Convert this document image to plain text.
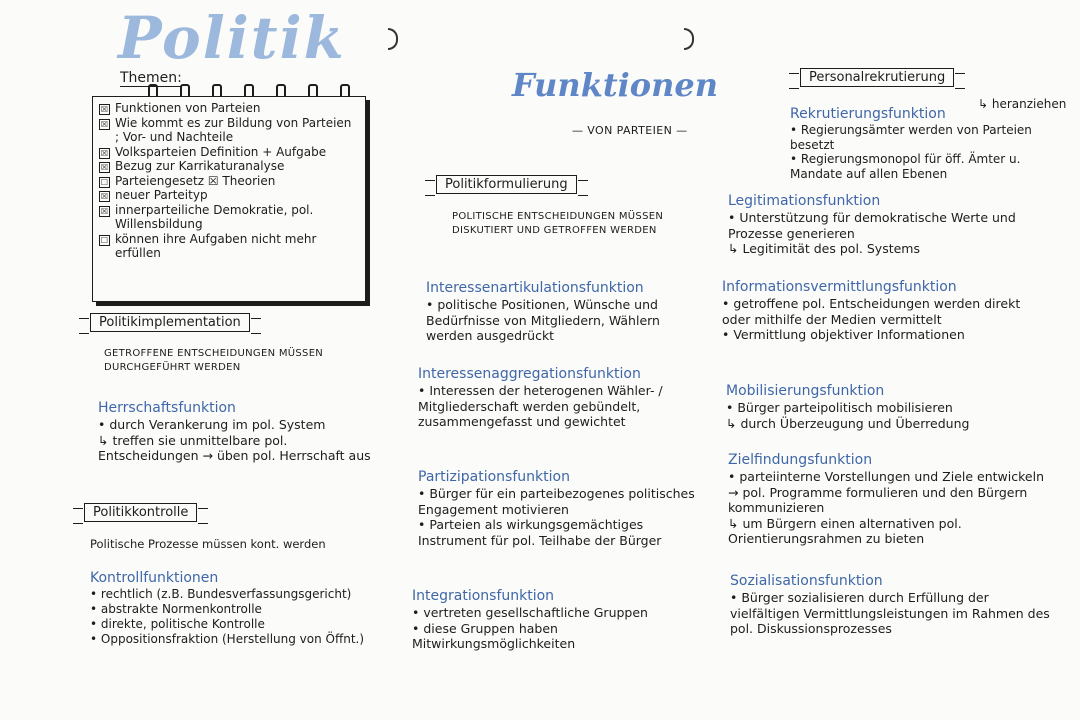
Politik
Themen:
☒ Funktionen von Parteien
☒ Wie kommt es zur Bildung von Parteien ; Vor- und Nachteile
☒ Volksparteien Definition + Aufgabe
☒ Bezug zur Karrikaturanalyse
☐ Parteiengesetz ☒ Theorien
☒ neuer Parteityp
☒ innerparteiliche Demokratie, pol. Willensbildung
☐ können ihre Aufgaben nicht mehr erfüllen
Politikimplementation
GETROFFENE ENTSCHEIDUNGEN MÜSSEN DURCHGEFÜHRT WERDEN
Herrschaftsfunktion
• durch Verankerung im pol. System
↳ treffen sie unmittelbare pol. Entscheidungen → üben pol. Herrschaft aus
Politikkontrolle
Politische Prozesse müssen kont. werden
Kontrollfunktionen
• rechtlich (z.B. Bundesverfassungsgericht)
• abstrakte Normenkontrolle
• direkte, politische Kontrolle
• Oppositionsfraktion (Herstellung von Öffnt.)
Funktionen
— VON PARTEIEN —
Politikformulierung
POLITISCHE ENTSCHEIDUNGEN MÜSSEN DISKUTIERT UND GETROFFEN WERDEN
Interessenartikulationsfunktion
• politische Positionen, Wünsche und Bedürfnisse von Mitgliedern, Wählern werden ausgedrückt
Interessenaggregationsfunktion
• Interessen der heterogenen Wähler- / Mitgliederschaft werden gebündelt, zusammengefasst und gewichtet
Partizipationsfunktion
• Bürger für ein parteibezogenes politisches Engagement motivieren
• Parteien als wirkungsgemächtiges Instrument für pol. Teilhabe der Bürger
Integrationsfunktion
• vertreten gesellschaftliche Gruppen
• diese Gruppen haben Mitwirkungsmöglichkeiten
Personalrekrutierung
↳ heranziehen
Rekrutierungsfunktion
• Regierungsämter werden von Parteien besetzt
• Regierungsmonopol für öff. Ämter u. Mandate auf allen Ebenen
Legitimationsfunktion
• Unterstützung für demokratische Werte und Prozesse generieren
↳ Legitimität des pol. Systems
Informationsvermittlungsfunktion
• getroffene pol. Entscheidungen werden direkt oder mithilfe der Medien vermittelt
• Vermittlung objektiver Informationen
Mobilisierungsfunktion
• Bürger parteipolitisch mobilisieren
↳ durch Überzeugung und Überredung
Zielfindungsfunktion
• parteiinterne Vorstellungen und Ziele entwickeln → pol. Programme formulieren und den Bürgern kommunizieren
↳ um Bürgern einen alternativen pol. Orientierungsrahmen zu bieten
Sozialisationsfunktion
• Bürger sozialisieren durch Erfüllung der vielfältigen Vermittlungsleistungen im Rahmen des pol. Diskussionsprozesses
